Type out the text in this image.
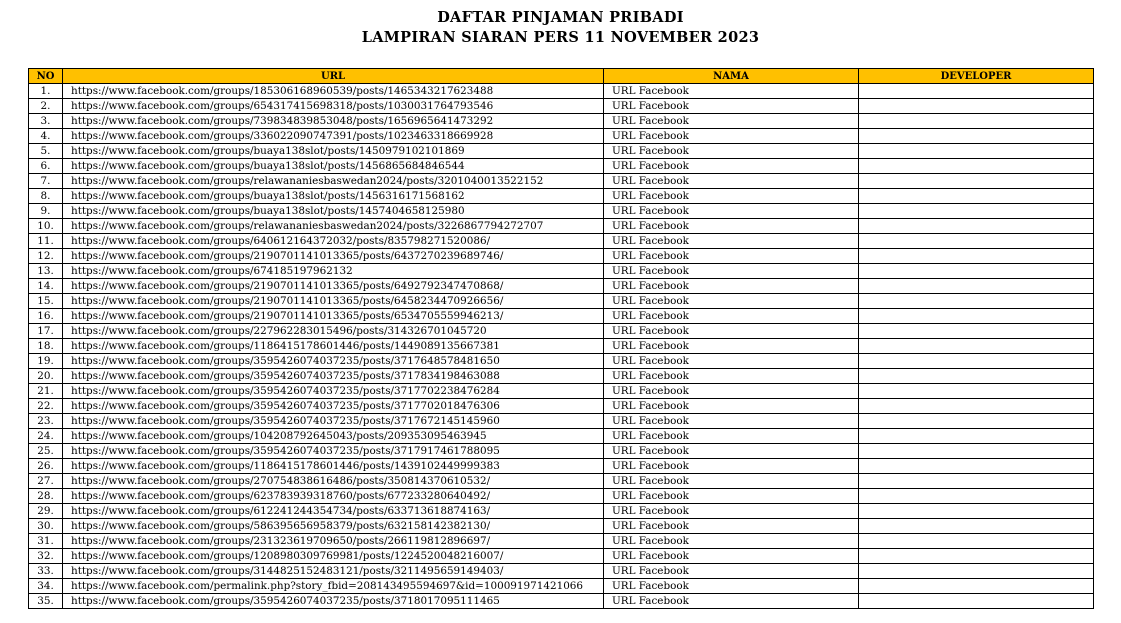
DAFTAR PINJAMAN PRIBADI
LAMPIRAN SIARAN PERS 11 NOVEMBER 2023
NO	URL	NAMA	DEVELOPER
1.	https://www.facebook.com/groups/185306168960539/posts/1465343217623488	URL Facebook	
2.	https://www.facebook.com/groups/654317415698318/posts/1030031764793546	URL Facebook	
3.	https://www.facebook.com/groups/739834839853048/posts/1656965641473292	URL Facebook	
4.	https://www.facebook.com/groups/336022090747391/posts/1023463318669928	URL Facebook	
5.	https://www.facebook.com/groups/buaya138slot/posts/1450979102101869	URL Facebook	
6.	https://www.facebook.com/groups/buaya138slot/posts/1456865684846544	URL Facebook	
7.	https://www.facebook.com/groups/relawananiesbaswedan2024/posts/3201040013522152	URL Facebook	
8.	https://www.facebook.com/groups/buaya138slot/posts/1456316171568162	URL Facebook	
9.	https://www.facebook.com/groups/buaya138slot/posts/1457404658125980	URL Facebook	
10.	https://www.facebook.com/groups/relawananiesbaswedan2024/posts/3226867794272707	URL Facebook	
11.	https://www.facebook.com/groups/640612164372032/posts/835798271520086/	URL Facebook	
12.	https://www.facebook.com/groups/2190701141013365/posts/6437270239689746/	URL Facebook	
13.	https://www.facebook.com/groups/674185197962132	URL Facebook	
14.	https://www.facebook.com/groups/2190701141013365/posts/6492792347470868/	URL Facebook	
15.	https://www.facebook.com/groups/2190701141013365/posts/6458234470926656/	URL Facebook	
16.	https://www.facebook.com/groups/2190701141013365/posts/6534705559946213/	URL Facebook	
17.	https://www.facebook.com/groups/227962283015496/posts/314326701045720	URL Facebook	
18.	https://www.facebook.com/groups/1186415178601446/posts/1449089135667381	URL Facebook	
19.	https://www.facebook.com/groups/3595426074037235/posts/3717648578481650	URL Facebook	
20.	https://www.facebook.com/groups/3595426074037235/posts/3717834198463088	URL Facebook	
21.	https://www.facebook.com/groups/3595426074037235/posts/3717702238476284	URL Facebook	
22.	https://www.facebook.com/groups/3595426074037235/posts/3717702018476306	URL Facebook	
23.	https://www.facebook.com/groups/3595426074037235/posts/3717672145145960	URL Facebook	
24.	https://www.facebook.com/groups/104208792645043/posts/209353095463945	URL Facebook	
25.	https://www.facebook.com/groups/3595426074037235/posts/3717917461788095	URL Facebook	
26.	https://www.facebook.com/groups/1186415178601446/posts/1439102449999383	URL Facebook	
27.	https://www.facebook.com/groups/270754838616486/posts/350814370610532/	URL Facebook	
28.	https://www.facebook.com/groups/623783939318760/posts/677233280640492/	URL Facebook	
29.	https://www.facebook.com/groups/612241244354734/posts/633713618874163/	URL Facebook	
30.	https://www.facebook.com/groups/586395656958379/posts/632158142382130/	URL Facebook	
31.	https://www.facebook.com/groups/231323619709650/posts/266119812896697/	URL Facebook	
32.	https://www.facebook.com/groups/1208980309769981/posts/1224520048216007/	URL Facebook	
33.	https://www.facebook.com/groups/3144825152483121/posts/3211495659149403/	URL Facebook	
34.	https://www.facebook.com/permalink.php?story_fbid=208143495594697&id=100091971421066	URL Facebook	
35.	https://www.facebook.com/groups/3595426074037235/posts/3718017095111465	URL Facebook	
